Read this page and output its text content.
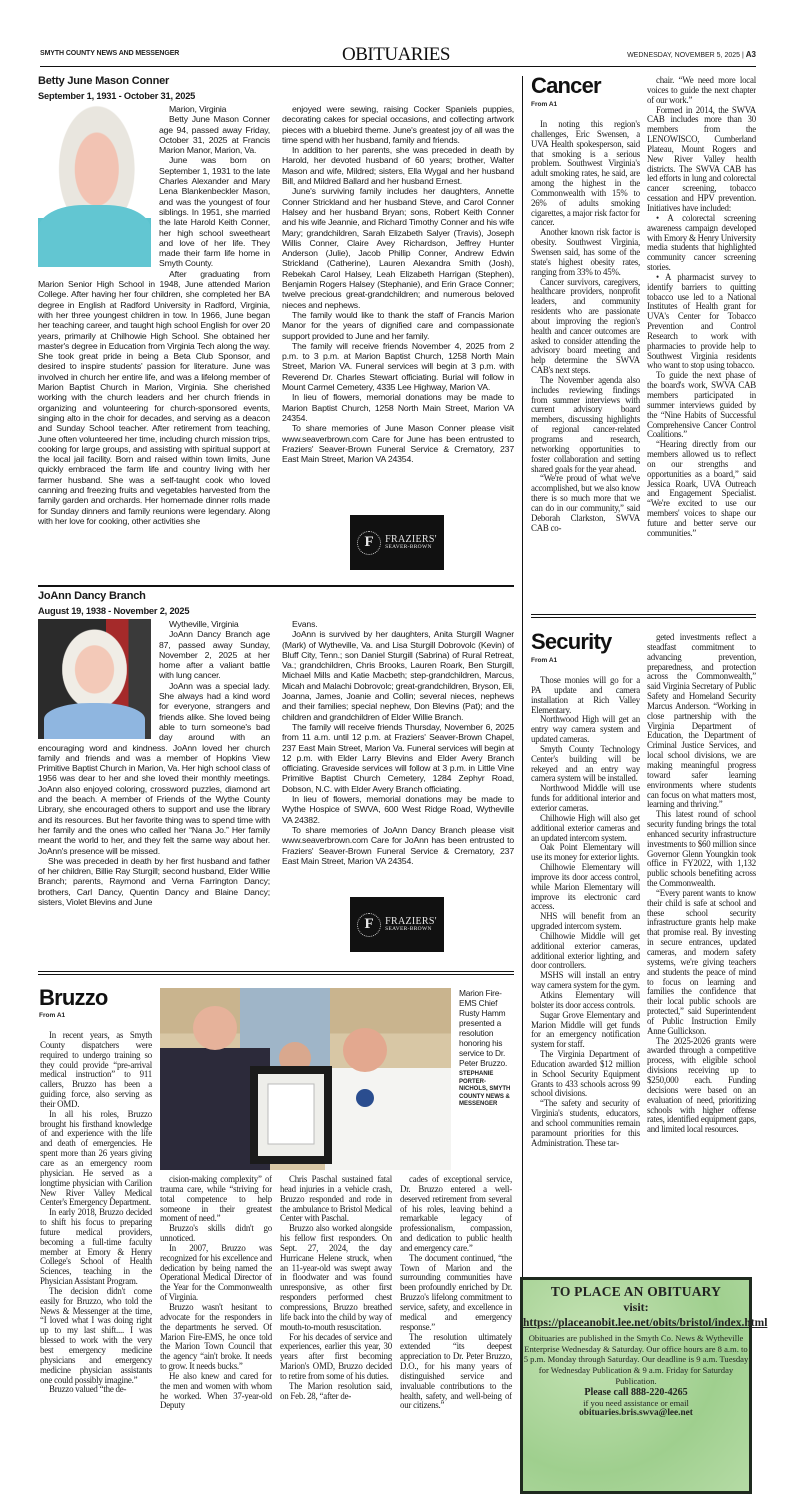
SMYTH COUNTY NEWS AND MESSENGER	OBITUARIES	WEDNESDAY, NOVEMBER 5, 2025 | A3
Betty June Mason Conner
September 1, 1931 - October 31, 2025

Marion, Virginia

Betty June Mason Conner age 94, passed away Friday, October 31, 2025 at Francis Marion Manor, Marion, Va.

June was born on September 1, 1931 to the late Charles Alexander and Mary Lena Blankenbeckler Mason, and was the youngest of four siblings. In 1951, she married the late Harold Keith Conner, her high school sweetheart and love of her life. They made their farm life home in Smyth County.

After graduating from Marion Senior High School in 1948, June attended Marion College. After having her four children, she completed her BA degree in English at Radford University in Radford, Virginia, with her three youngest children in tow. In 1966, June began her teaching career, and taught high school English for over 20 years, primarily at Chilhowie High School. She obtained her master's degree in Education from Virginia Tech along the way. She took great pride in being a Beta Club Sponsor, and desired to inspire students' passion for literature. June was involved in church her entire life, and was a lifelong member of Marion Baptist Church in Marion, Virginia. She cherished working with the church leaders and her church friends in organizing and volunteering for church-sponsored events, singing alto in the choir for decades, and serving as a deacon and Sunday School teacher. After retirement from teaching, June often volunteered her time, including church mission trips, cooking for large groups, and assisting with spiritual support at the local jail facility. Born and raised within town limits, June quickly embraced the farm life and country living with her farmer husband. She was a self-taught cook who loved canning and freezing fruits and vegetables harvested from the family garden and orchards. Her homemade dinner rolls made for Sunday dinners and family reunions were legendary. Along with her love for cooking, other activities she

enjoyed were sewing, raising Cocker Spaniels puppies, decorating cakes for special occasions, and collecting artwork pieces with a bluebird theme. June's greatest joy of all was the time spend with her husband, family and friends.

In addition to her parents, she was preceded in death by Harold, her devoted husband of 60 years; brother, Walter Mason and wife, Mildred; sisters, Ella Wygal and her husband Bill, and Mildred Ballard and her husband Ernest.

June's surviving family includes her daughters, Annette Conner Strickland and her husband Steve, and Carol Conner Halsey and her husband Bryan; sons, Robert Keith Conner and his wife Jeannie, and Richard Timothy Conner and his wife Mary; grandchildren, Sarah Elizabeth Salyer (Travis), Joseph Willis Conner, Claire Avey Richardson, Jeffrey Hunter Anderson (Julie), Jacob Phillip Conner, Andrew Edwin Strickland (Catherine), Lauren Alexandra Smith (Josh), Rebekah Carol Halsey, Leah Elizabeth Harrigan (Stephen), Benjamin Rogers Halsey (Stephanie), and Erin Grace Conner; twelve precious great-grandchildren; and numerous beloved nieces and nephews.

The family would like to thank the staff of Francis Marion Manor for the years of dignified care and compassionate support provided to June and her family.

The family will receive friends November 4, 2025 from 2 p.m. to 3 p.m. at Marion Baptist Church, 1258 North Main Street, Marion VA. Funeral services will begin at 3 p.m. with Reverend Dr. Charles Stewart officiating. Burial will follow in Mount Carmel Cemetery, 4335 Lee Highway, Marion VA.

In lieu of flowers, memorial donations may be made to Marion Baptist Church, 1258 North Main Street, Marion VA 24354.

To share memories of June Mason Conner please visit www.seaverbrown.com Care for June has been entrusted to Fraziers' Seaver-Brown Funeral Service & Crematory, 237 East Main Street, Marion VA 24354.

F	FRAZIERS'
SEAVER-BROWN
JoAnn Dancy Branch
August 19, 1938 - November 2, 2025

Wytheville, Virginia

JoAnn Dancy Branch age 87, passed away Sunday, November 2, 2025 at her home after a valiant battle with lung cancer.

JoAnn was a special lady. She always had a kind word for everyone, strangers and friends alike. She loved being able to turn someone's bad day around with an encouraging word and kindness. JoAnn loved her church family and friends and was a member of Hopkins View Primitive Baptist Church in Marion, Va. Her high school class of 1956 was dear to her and she loved their monthly meetings. JoAnn also enjoyed coloring, crossword puzzles, diamond art and the beach. A member of Friends of the Wythe County Library, she encouraged others to support and use the library and its resources. But her favorite thing was to spend time with her family and the ones who called her “Nana Jo.” Her family meant the world to her, and they felt the same way about her. JoAnn's presence will be missed.

She was preceded in death by her first husband and father of her children, Billie Ray Sturgill; second husband, Elder Willie Branch; parents, Raymond and Verna Farrington Dancy; brothers, Carl Dancy, Quentin Dancy and Blaine Dancy; sisters, Violet Blevins and June

Evans.

JoAnn is survived by her daughters, Anita Sturgill Wagner (Mark) of Wytheville, Va. and Lisa Sturgill Dobrovolc (Kevin) of Bluff City, Tenn.; son Daniel Sturgill (Sabrina) of Rural Retreat, Va.; grandchildren, Chris Brooks, Lauren Roark, Ben Sturgill, Michael Mills and Katie Macbeth; step-grandchildren, Marcus, Micah and Malachi Dobrovolc; great-grandchildren, Bryson, Eli, Joanna, James, Joanie and Collin; several nieces, nephews and their families; special nephew, Don Blevins (Pat); and the children and grandchildren of Elder Willie Branch.

The family will receive friends Thursday, November 6, 2025 from 11 a.m. until 12 p.m. at Fraziers' Seaver-Brown Chapel, 237 East Main Street, Marion Va. Funeral services will begin at 12 p.m. with Elder Larry Blevins and Elder Avery Branch officiating. Graveside services will follow at 3 p.m. in Little Vine Primitive Baptist Church Cemetery, 1284 Zephyr Road, Dobson, N.C. with Elder Avery Branch officiating.

In lieu of flowers, memorial donations may be made to Wythe Hospice of SWVA, 600 West Ridge Road, Wytheville VA 24382.

To share memories of JoAnn Dancy Branch please visit www.seaverbrown.com Care for JoAnn has been entrusted to Fraziers' Seaver-Brown Funeral Service & Crematory, 237 East Main Street, Marion VA 24354.

F	FRAZIERS'
SEAVER-BROWN
Bruzzo
From A1
Marion Fire-EMS Chief Rusty Hamm presented a resolution honoring his service to Dr. Peter Bruzzo.
STEPHANIE PORTER-NICHOLS, SMYTH COUNTY NEWS & MESSENGER

In recent years, as Smyth County dispatchers were required to undergo training so they could provide “pre-arrival medical instruction” to 911 callers, Bruzzo has been a guiding force, also serving as their OMD.

In all his roles, Bruzzo brought his firsthand knowledge of and experience with the life and death of emergencies. He spent more than 26 years giving care as an emergency room physician. He served as a longtime physician with Carilion New River Valley Medical Center's Emergency Department.

In early 2018, Bruzzo decided to shift his focus to preparing future medical providers, becoming a full-time faculty member at Emory & Henry College's School of Health Sciences, teaching in the Physician Assistant Program.

The decision didn't come easily for Bruzzo, who told the News & Messenger at the time, “I loved what I was doing right up to my last shift.... I was blessed to work with the very best emergency medicine physicians and emergency medicine physician assistants one could possibly imagine.”

Bruzzo valued “the de-

cision-making complexity” of trauma care, while “striving for total competence to help someone in their greatest moment of need.”

Bruzzo's skills didn't go unnoticed.

In 2007, Bruzzo was recognized for his excellence and dedication by being named the Operational Medical Director of the Year for the Commonwealth of Virginia.

Bruzzo wasn't hesitant to advocate for the responders in the departments he served. Of Marion Fire-EMS, he once told the Marion Town Council that the agency “ain't broke. It needs to grow. It needs bucks.”

He also knew and cared for the men and women with whom he worked. When 37-year-old Deputy

Chris Paschal sustained fatal head injuries in a vehicle crash, Bruzzo responded and rode in the ambulance to Bristol Medical Center with Paschal.

Bruzzo also worked alongside his fellow first responders. On Sept. 27, 2024, the day Hurricane Helene struck, when an 11-year-old was swept away in floodwater and was found unresponsive, as other first responders performed chest compressions, Bruzzo breathed life back into the child by way of mouth-to-mouth resuscitation.

For his decades of service and experiences, earlier this year, 30 years after first becoming Marion's OMD, Bruzzo decided to retire from some of his duties.

The Marion resolution said, on Feb. 28, “after de-

cades of exceptional service, Dr. Bruzzo entered a well-deserved retirement from several of his roles, leaving behind a remarkable legacy of professionalism, compassion, and dedication to public health and emergency care.”

The document continued, “the Town of Marion and the surrounding communities have been profoundly enriched by Dr. Bruzzo's lifelong commitment to service, safety, and excellence in medical and emergency response.”

The resolution ultimately extended “its deepest appreciation to Dr. Peter Bruzzo, D.O., for his many years of distinguished service and invaluable contributions to the health, safety, and well-being of our citizens.”

Cancer
From A1

In noting this region's challenges, Eric Swensen, a UVA Health spokesperson, said that smoking is a serious problem. Southwest Virginia's adult smoking rates, he said, are among the highest in the Commonwealth with 15% to 26% of adults smoking cigarettes, a major risk factor for cancer.

Another known risk factor is obesity. Southwest Virginia, Swensen said, has some of the state's highest obesity rates, ranging from 33% to 45%.

Cancer survivors, caregivers, healthcare providers, nonprofit leaders, and community residents who are passionate about improving the region's health and cancer outcomes are asked to consider attending the advisory board meeting and help determine the SWVA CAB's next steps.

The November agenda also includes reviewing findings from summer interviews with current advisory board members, discussing highlights of regional cancer-related programs and research, networking opportunities to foster collaboration and setting shared goals for the year ahead.

“We're proud of what we've accomplished, but we also know there is so much more that we can do in our community,” said Deborah Clarkston, SWVA CAB co-

chair. “We need more local voices to guide the next chapter of our work.”

Formed in 2014, the SWVA CAB includes more than 30 members from the LENOWISCO, Cumberland Plateau, Mount Rogers and New River Valley health districts. The SWVA CAB has led efforts in lung and colorectal cancer screening, tobacco cessation and HPV prevention. Initiatives have included:

• A colorectal screening awareness campaign developed with Emory & Henry University media students that highlighted community cancer screening stories.

• A pharmacist survey to identify barriers to quitting tobacco use led to a National Institutes of Health grant for UVA's Center for Tobacco Prevention and Control Research to work with pharmacies to provide help to Southwest Virginia residents who want to stop using tobacco.

To guide the next phase of the board's work, SWVA CAB members participated in summer interviews guided by the “Nine Habits of Successful Comprehensive Cancer Control Coalitions.”

“Hearing directly from our members allowed us to reflect on our strengths and opportunities as a board,” said Jessica Roark, UVA Outreach and Engagement Specialist. “We're excited to use our members' voices to shape our future and better serve our communities.”

Security
From A1

Those monies will go for a PA update and camera installation at Rich Valley Elementary.

Northwood High will get an entry way camera system and updated cameras.

Smyth County Technology Center's building will be rekeyed and an entry way camera system will be installed.

Northwood Middle will use funds for additional interior and exterior cameras.

Chilhowie High will also get additional exterior cameras and an updated intercom system.

Oak Point Elementary will use its money for exterior lights.

Chilhowie Elementary will improve its door access control, while Marion Elementary will improve its electronic card access.

NHS will benefit from an upgraded intercom system.

Chilhowie Middle will get additional exterior cameras, additional exterior lighting, and door controllers.

MSHS will install an entry way camera system for the gym.

Atkins Elementary will bolster its door access controls.

Sugar Grove Elementary and Marion Middle will get funds for an emergency notification system for staff.

The Virginia Department of Education awarded $12 million in School Security Equipment Grants to 433 schools across 99 school divisions.

“The safety and security of Virginia's students, educators, and school communities remain paramount priorities for this Administration. These tar-

geted investments reflect a steadfast commitment to advancing prevention, preparedness, and protection across the Commonwealth,” said Virginia Secretary of Public Safety and Homeland Security Marcus Anderson. “Working in close partnership with the Virginia Department of Education, the Department of Criminal Justice Services, and local school divisions, we are making meaningful progress toward safer learning environments where students can focus on what matters most, learning and thriving.”

This latest round of school security funding brings the total enhanced security infrastructure investments to $60 million since Governor Glenn Youngkin took office in FY2022, with 1,132 public schools benefiting across the Commonwealth.

“Every parent wants to know their child is safe at school and these school security infrastructure grants help make that promise real. By investing in secure entrances, updated cameras, and modern safety systems, we're giving teachers and students the peace of mind to focus on learning and families the confidence that their local public schools are protected,” said Superintendent of Public Instruction Emily Anne Gullickson.

The 2025-2026 grants were awarded through a competitive process, with eligible school divisions receiving up to $250,000 each. Funding decisions were based on an evaluation of need, prioritizing schools with higher offense rates, identified equipment gaps, and limited local resources.

TO PLACE AN OBITUARY
visit:
https://placeanobit.lee.net/obits/bristol/index.html
Obituaries are published in the Smyth Co. News & Wytheville Enterprise Wednesday & Saturday. Our office hours are 8 a.m. to 5 p.m. Monday through Saturday. Our deadline is 9 a.m. Tuesday for Wednesday Publication & 9 a.m. Friday for Saturday Publication.
Please call 888-220-4265
if you need assistance or email
obituaries.bris.swva@lee.net
